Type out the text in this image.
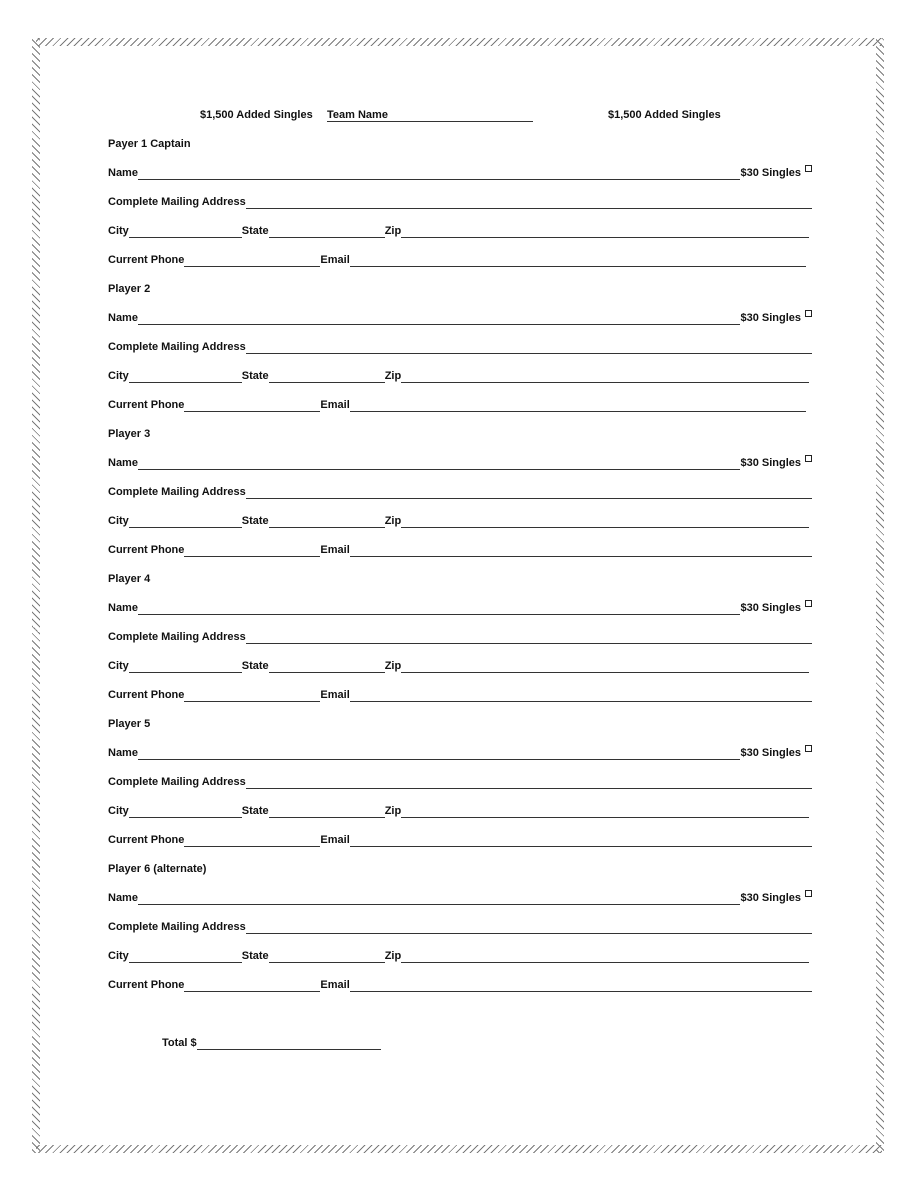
$1,500 Added Singles Team Name	$1,500 Added Singles
Payer 1 Captain
Name	$30 Singles
Complete Mailing Address
City	State	Zip
Current Phone	Email
Player 2
Name	$30 Singles
Complete Mailing Address
City	State	Zip
Current Phone	Email
Player 3
Name	$30 Singles
Complete Mailing Address
City	State	Zip
Current Phone	Email
Player 4
Name	$30 Singles
Complete Mailing Address
City	State	Zip
Current Phone	Email
Player 5
Name	$30 Singles
Complete Mailing Address
City	State	Zip
Current Phone	Email
Player 6 (alternate)
Name	$30 Singles
Complete Mailing Address
City	State	Zip
Current Phone	Email
Total $
